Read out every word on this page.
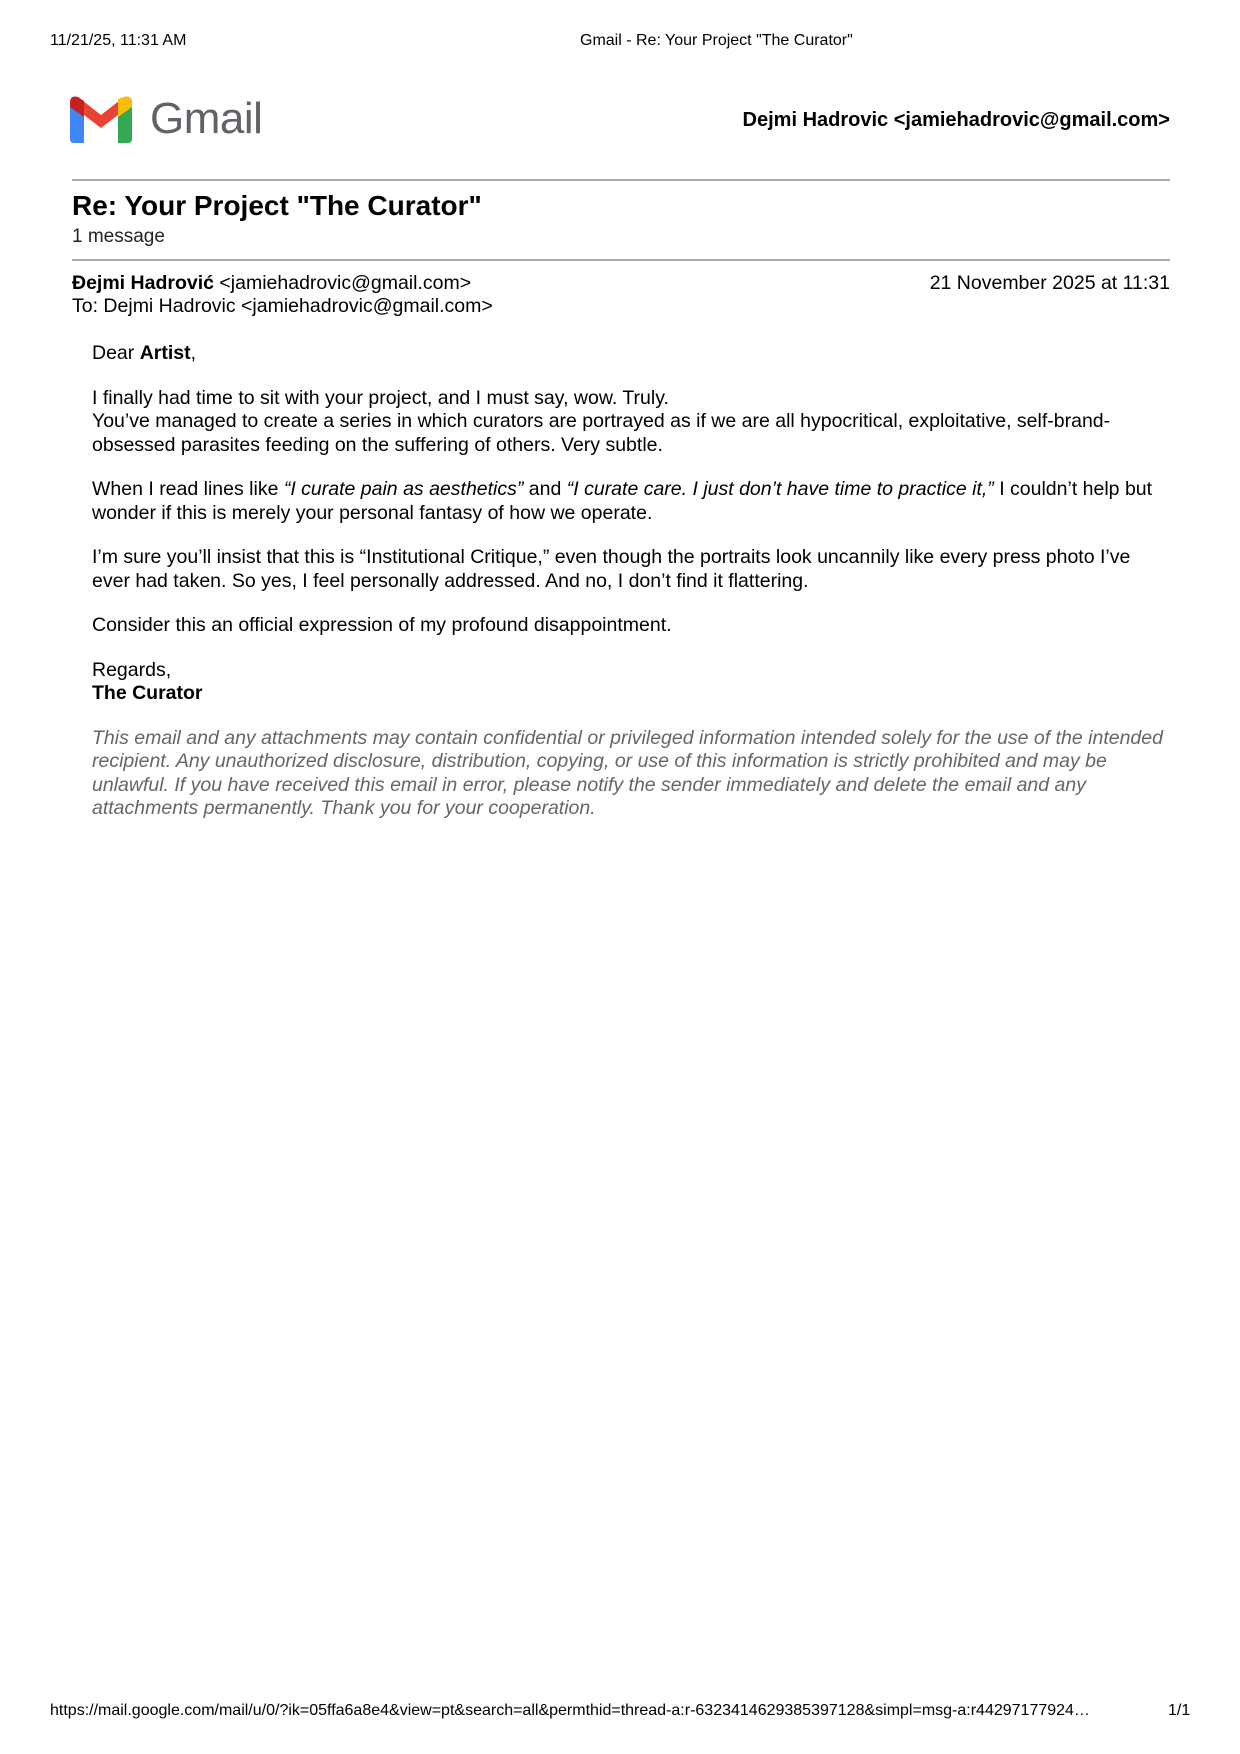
11/21/25, 11:31 AM	Gmail - Re: Your Project "The Curator"
Gmail	Dejmi Hadrovic <jamiehadrovic@gmail.com>
Re: Your Project "The Curator"
1 message
Đejmi Hadrović <jamiehadrovic@gmail.com>
To: Dejmi Hadrovic <jamiehadrovic@gmail.com>
21 November 2025 at 11:31

Dear Artist,

I finally had time to sit with your project, and I must say, wow. Truly.
You’ve managed to create a series in which curators are portrayed as if we are all hypocritical, exploitative, self-brand-obsessed parasites feeding on the suffering of others. Very subtle.

When I read lines like “I curate pain as aesthetics” and “I curate care. I just don’t have time to practice it,” I couldn’t help but wonder if this is merely your personal fantasy of how we operate.

I’m sure you’ll insist that this is “Institutional Critique,” even though the portraits look uncannily like every press photo I’ve ever had taken. So yes, I feel personally addressed. And no, I don’t find it flattering.

Consider this an official expression of my profound disappointment.

Regards,
The Curator

This email and any attachments may contain confidential or privileged information intended solely for the use of the intended recipient. Any unauthorized disclosure, distribution, copying, or use of this information is strictly prohibited and may be unlawful. If you have received this email in error, please notify the sender immediately and delete the email and any attachments permanently. Thank you for your cooperation.

https://mail.google.com/mail/u/0/?ik=05ffa6a8e4&view=pt&search=all&permthid=thread-a:r-6323414629385397128&simpl=msg-a:r44297177924…	1/1
